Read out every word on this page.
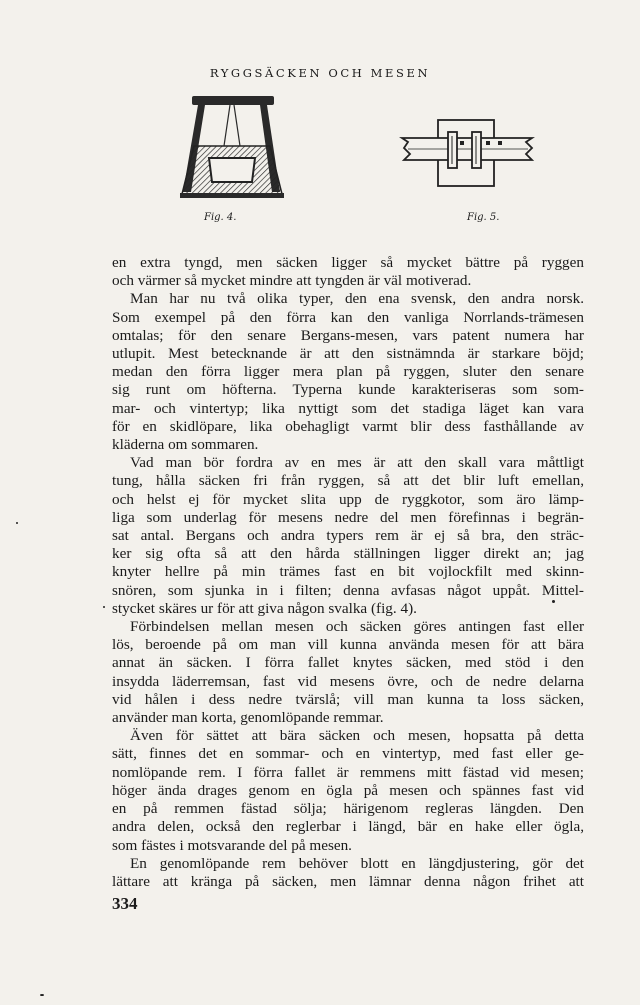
RYGGSÄCKEN OCH MESEN
Fig. 4.	Fig. 5.
en extra tyngd, men säcken ligger så mycket bättre på ryggen
och värmer så mycket mindre att tyngden är väl motiverad.
Man har nu två olika typer, den ena svensk, den andra norsk.
Som exempel på den förra kan den vanliga Norrlands-trämesen
omtalas; för den senare Bergans-mesen, vars patent numera har
utlupit. Mest betecknande är att den sistnämnda är starkare böjd;
medan den förra ligger mera plan på ryggen, sluter den senare
sig runt om höfterna. Typerna kunde karakteriseras som som-
mar- och vintertyp; lika nyttigt som det stadiga läget kan vara
för en skidlöpare, lika obehagligt varmt blir dess fasthållande av
kläderna om sommaren.
Vad man bör fordra av en mes är att den skall vara måttligt
tung, hålla säcken fri från ryggen, så att det blir luft emellan,
och helst ej för mycket slita upp de ryggkotor, som äro lämp-
liga som underlag för mesens nedre del men förefinnas i begrän-
sat antal. Bergans och andra typers rem är ej så bra, den sträc-
ker sig ofta så att den hårda ställningen ligger direkt an; jag
knyter hellre på min trämes fast en bit vojlockfilt med skinn-
snören, som sjunka in i filten; denna avfasas något uppåt. Mittel-
stycket skäres ur för att giva någon svalka (fig. 4).
Förbindelsen mellan mesen och säcken göres antingen fast eller
lös, beroende på om man vill kunna använda mesen för att bära
annat än säcken. I förra fallet knytes säcken, med stöd i den
insydda läderremsan, fast vid mesens övre, och de nedre delarna
vid hålen i dess nedre tvärslå; vill man kunna ta loss säcken,
använder man korta, genomlöpande remmar.
Även för sättet att bära säcken och mesen, hopsatta på detta
sätt, finnes det en sommar- och en vintertyp, med fast eller ge-
nomlöpande rem. I förra fallet är remmens mitt fästad vid mesen;
höger ända drages genom en ögla på mesen och spännes fast vid
en på remmen fästad sölja; härigenom regleras längden. Den
andra delen, också den reglerbar i längd, bär en hake eller ögla,
som fästes i motsvarande del på mesen.
En genomlöpande rem behöver blott en längdjustering, gör det
lättare att kränga på säcken, men lämnar denna någon frihet att
334
